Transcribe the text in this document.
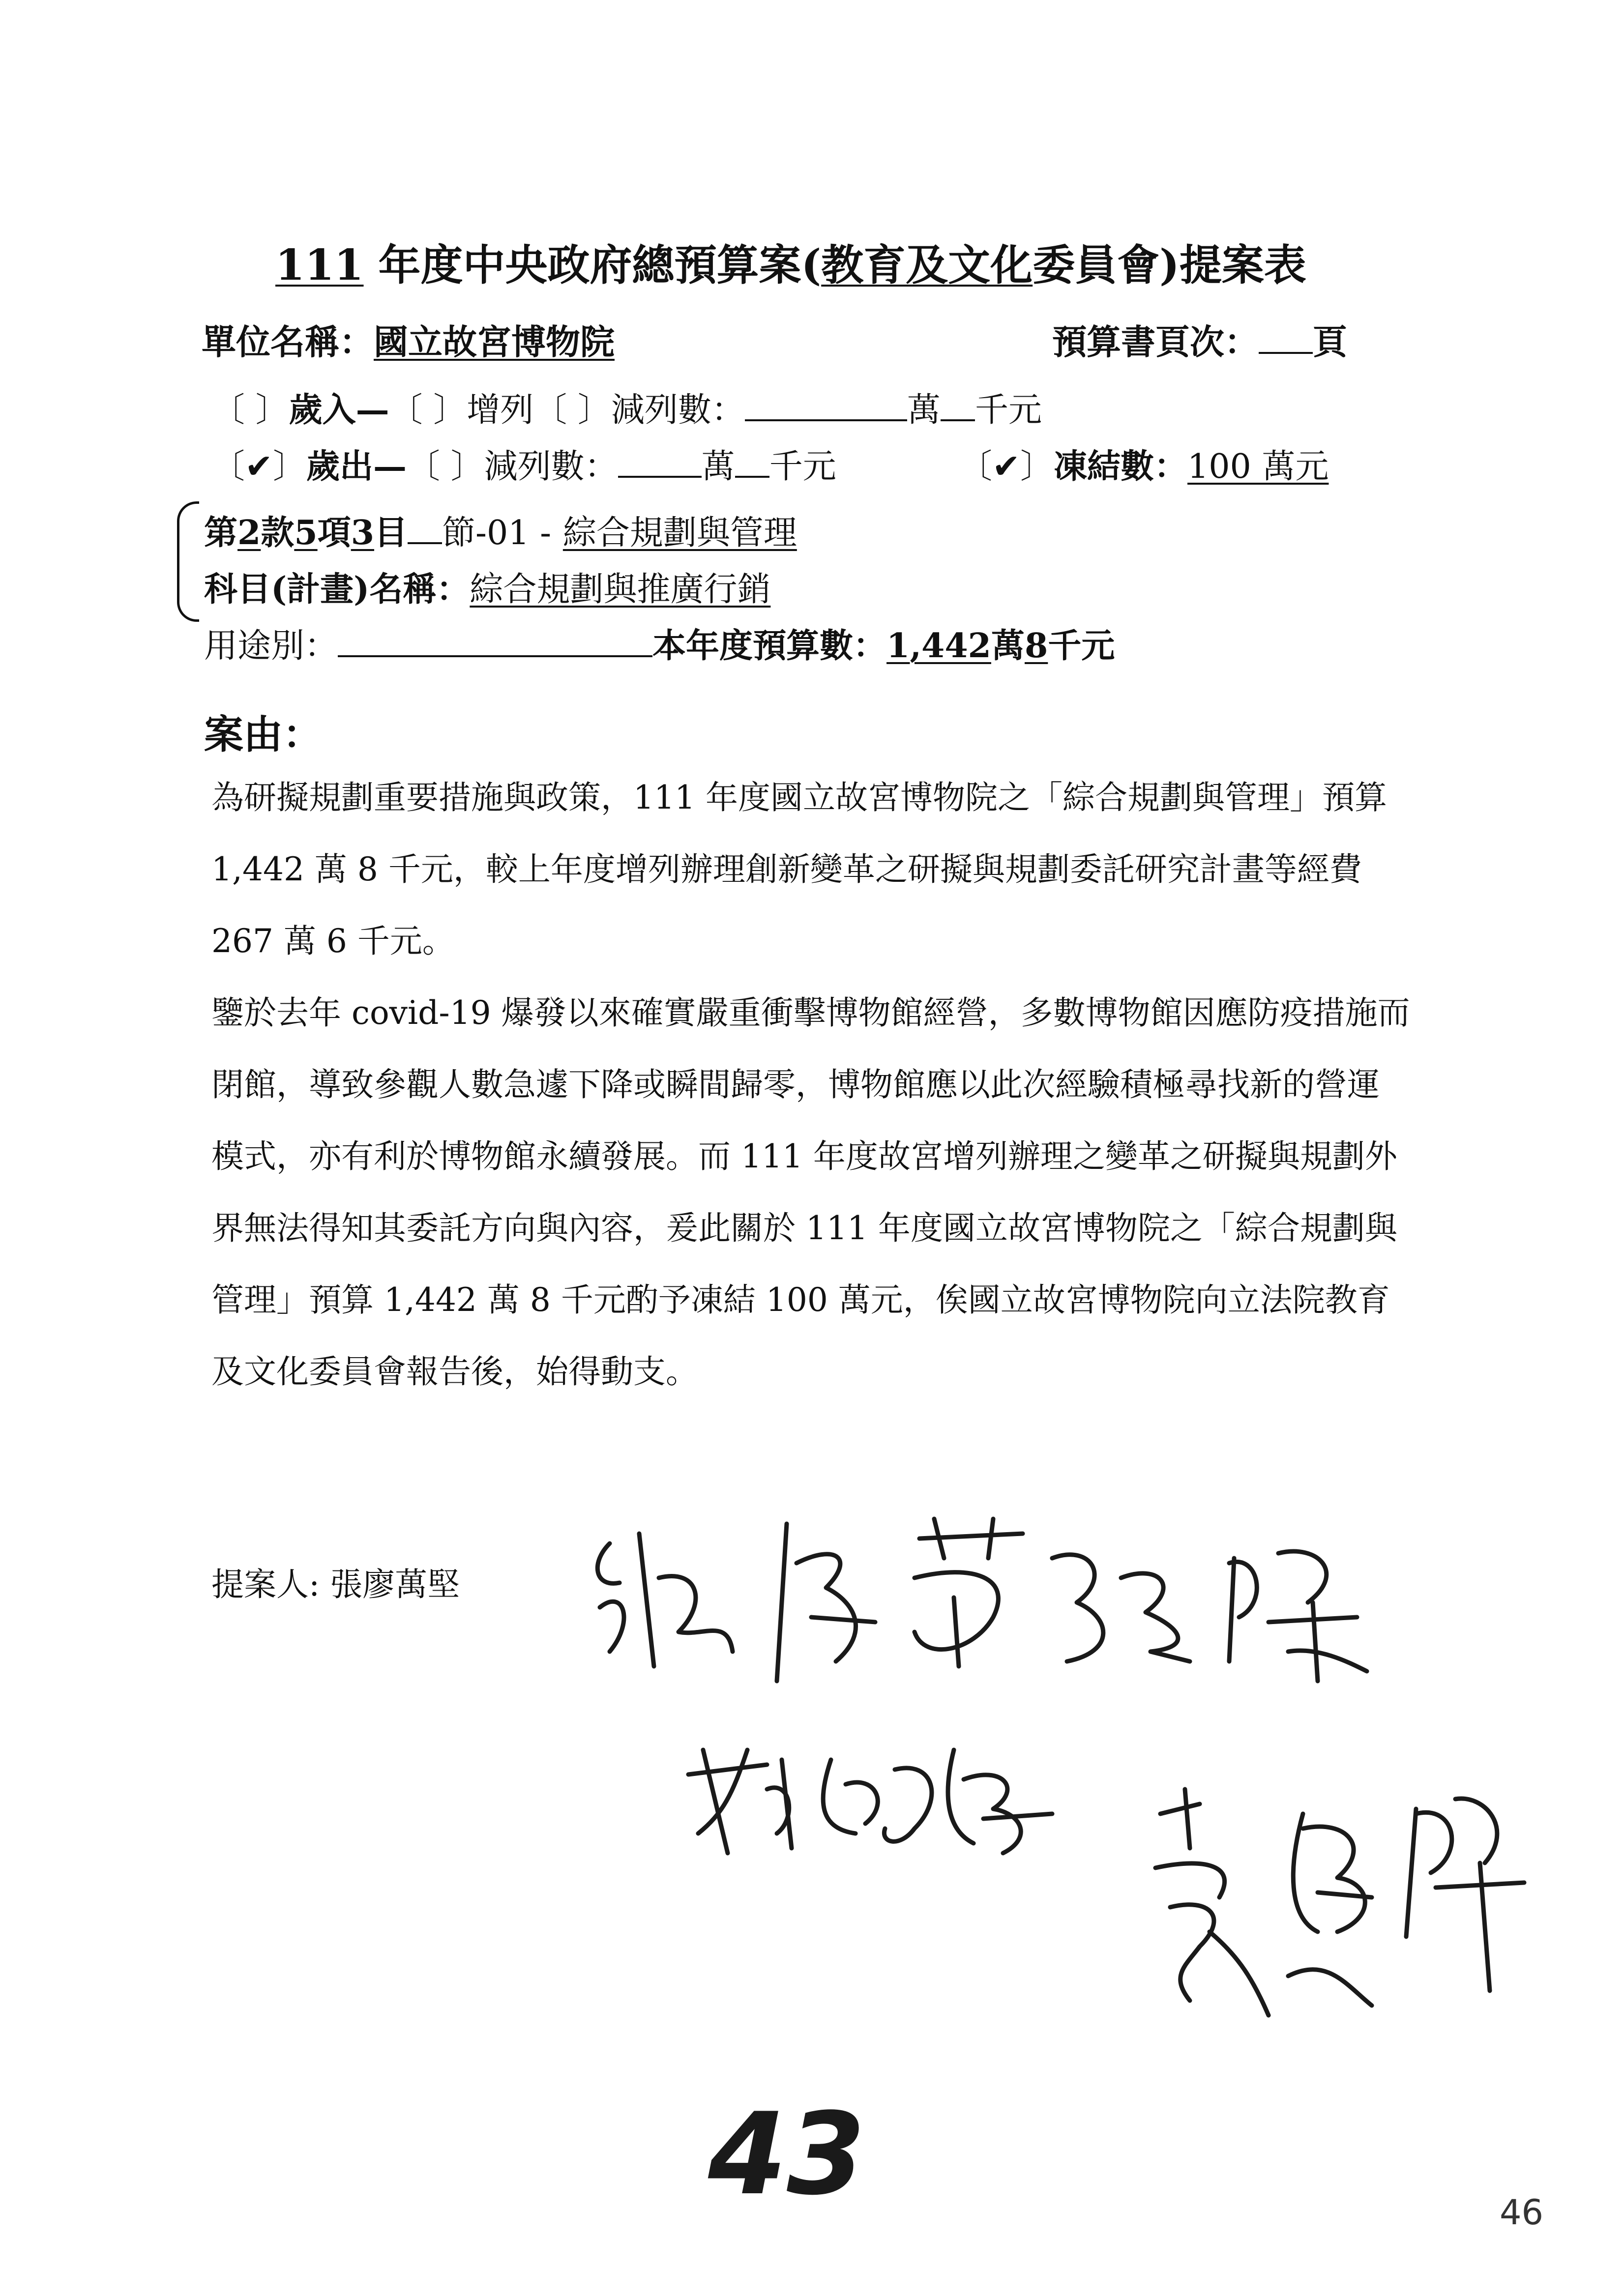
111 年度中央政府總預算案(教育及文化委員會)提案表
單位名稱：國立故宮博物院	預算書頁次： 頁
〔 〕歲入—〔 〕增列〔 〕減列數：	萬 千元
〔✔〕歲出—〔 〕減列數：	萬 千元	〔✔〕凍結數：100 萬元
第2款5項3目 節-01 - 綜合規劃與管理
科目(計畫)名稱：綜合規劃與推廣行銷
用途別：	本年度預算數：1,442萬8千元
案由：

為研擬規劃重要措施與政策，111 年度國立故宮博物院之「綜合規劃與管理」預算 1,442 萬 8 千元，較上年度增列辦理創新變革之研擬與規劃委託研究計畫等經費 267 萬 6 千元。

鑒於去年 covid-19 爆發以來確實嚴重衝擊博物館經營，多數博物館因應防疫措施而閉館，導致參觀人數急遽下降或瞬間歸零，博物館應以此次經驗積極尋找新的營運模式，亦有利於博物館永續發展。而 111 年度故宮增列辦理之變革之研擬與規劃外界無法得知其委託方向與內容，爰此關於 111 年度國立故宮博物院之「綜合規劃與管理」預算 1,442 萬 8 千元酌予凍結 100 萬元，俟國立故宮博物院向立法院教育及文化委員會報告後，始得動支。

提案人: 張廖萬堅
43	46
